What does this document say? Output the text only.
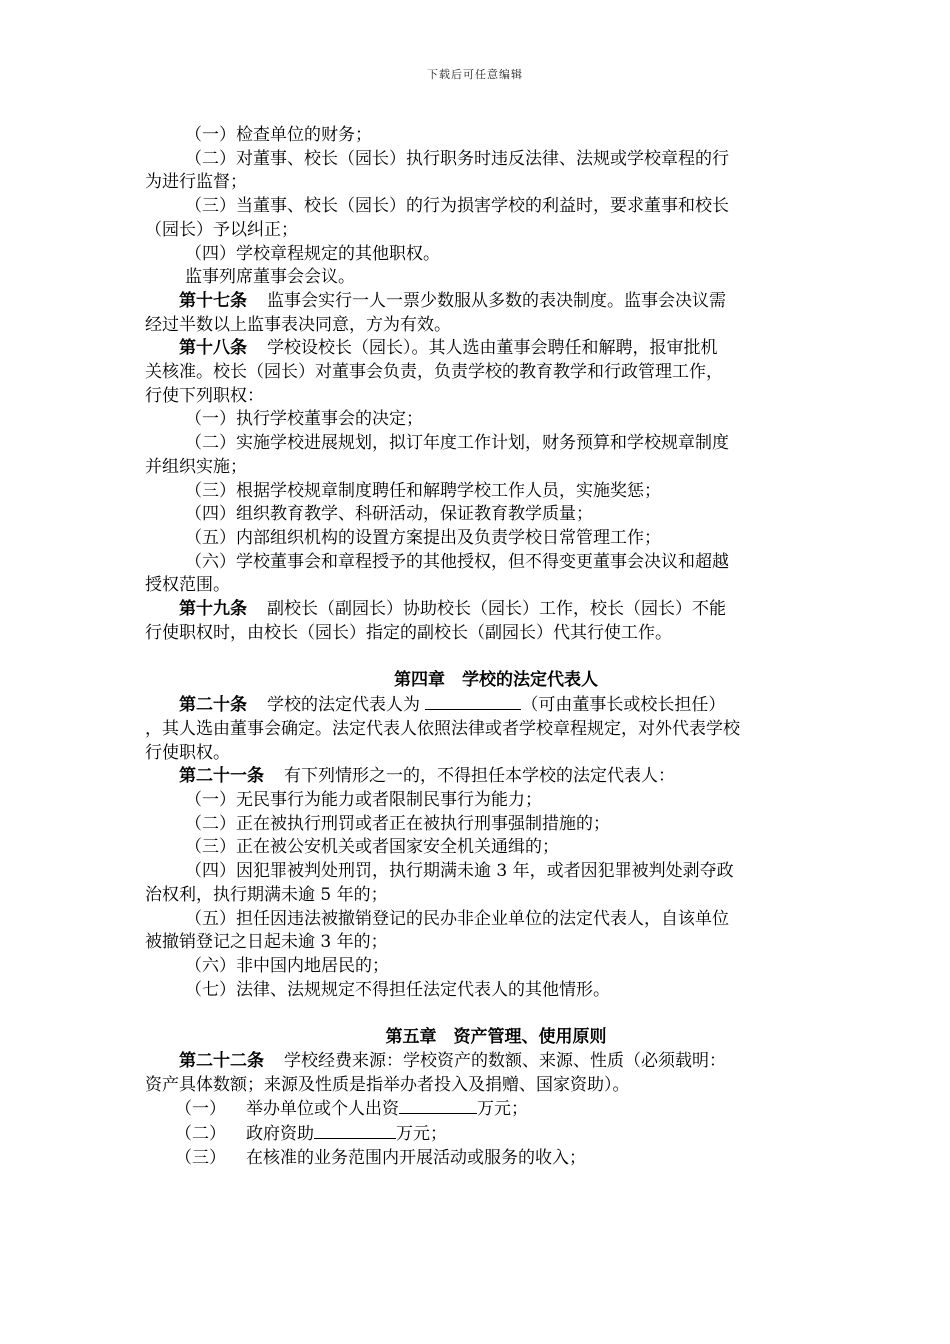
下载后可任意编辑
（一）检查单位的财务；
（二）对董事、校长（园长）执行职务时违反法律、法规或学校章程的行
为进行监督；
（三）当董事、校长（园长）的行为损害学校的利益时，要求董事和校长
（园长）予以纠正；
（四）学校章程规定的其他职权。
监事列席董事会会议。
第十七条 监事会实行一人一票少数服从多数的表决制度。监事会决议需
经过半数以上监事表决同意，方为有效。
第十八条 学校设校长（园长）。其人选由董事会聘任和解聘，报审批机
关核准。校长（园长）对董事会负责，负责学校的教育教学和行政管理工作，
行使下列职权：
（一）执行学校董事会的决定；
（二）实施学校进展规划，拟订年度工作计划，财务预算和学校规章制度
并组织实施；
（三）根据学校规章制度聘任和解聘学校工作人员，实施奖惩；
（四）组织教育教学、科研活动，保证教育教学质量；
（五）内部组织机构的设置方案提出及负责学校日常管理工作；
（六）学校董事会和章程授予的其他授权，但不得变更董事会决议和超越
授权范围。
第十九条 副校长（副园长）协助校长（园长）工作，校长（园长）不能
行使职权时，由校长（园长）指定的副校长（副园长）代其行使工作。
第四章　学校的法定代表人
第二十条 学校的法定代表人为	（可由董事长或校长担任）
，其人选由董事会确定。法定代表人依照法律或者学校章程规定，对外代表学校
行使职权。
第二十一条 有下列情形之一的，不得担任本学校的法定代表人：
（一）无民事行为能力或者限制民事行为能力；
（二）正在被执行刑罚或者正在被执行刑事强制措施的；
（三）正在被公安机关或者国家安全机关通缉的；
（四）因犯罪被判处刑罚，执行期满未逾 3 年，或者因犯罪被判处剥夺政
治权利，执行期满未逾 5 年的；
（五）担任因违法被撤销登记的民办非企业单位的法定代表人，自该单位
被撤销登记之日起未逾 3 年的；
（六）非中国内地居民的；
（七）法律、法规规定不得担任法定代表人的其他情形。
第五章　资产管理、使用原则
第二十二条 学校经费来源：学校资产的数额、来源、性质（必须载明：
资产具体数额；来源及性质是指举办者投入及捐赠、国家资助）。
（一） 举办单位或个人出资	万元；
（二） 政府资助	万元；
（三） 在核准的业务范围内开展活动或服务的收入；
